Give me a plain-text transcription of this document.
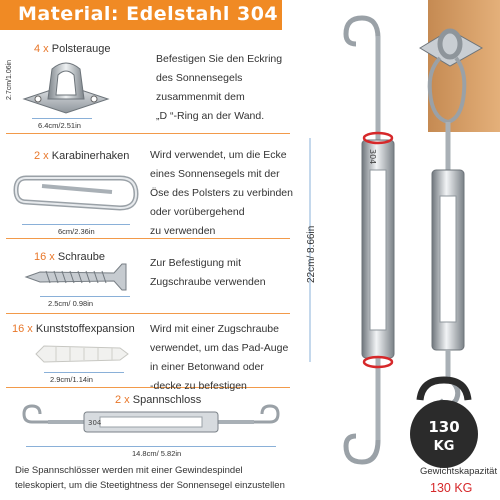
Material: Edelstahl 304
4 x Polsterauge
2.7cm/1.06in
6.4cm/2.51in
Befestigen Sie den Eckring
des Sonnensegels
zusammenmit dem
„D “-Ring an der Wand.
2 x Karabinerhaken
6cm/2.36in
Wird verwendet, um die Ecke
eines Sonnensegels mit der
Öse des Polsters zu verbinden
oder vorübergehend
zu verwenden
16 x Schraube
2.5cm/ 0.98in
Zur Befestigung mit
Zugschraube verwenden
16 x Kunststoffexpansion
2.9cm/1.14in
Wird mit einer Zugschraube
verwendet, um das Pad-Auge
in einer Betonwand oder
-decke zu befestigen
2 x Spannschloss
304
14.8cm/ 5.82in
Die Spannschlösser werden mit einer Gewindespindel
teleskopiert, um die Steetightness der Sonnensegel einzustellen
304
130
KG
22cm/ 8.66in
Gewichtskapazität
130 KG
